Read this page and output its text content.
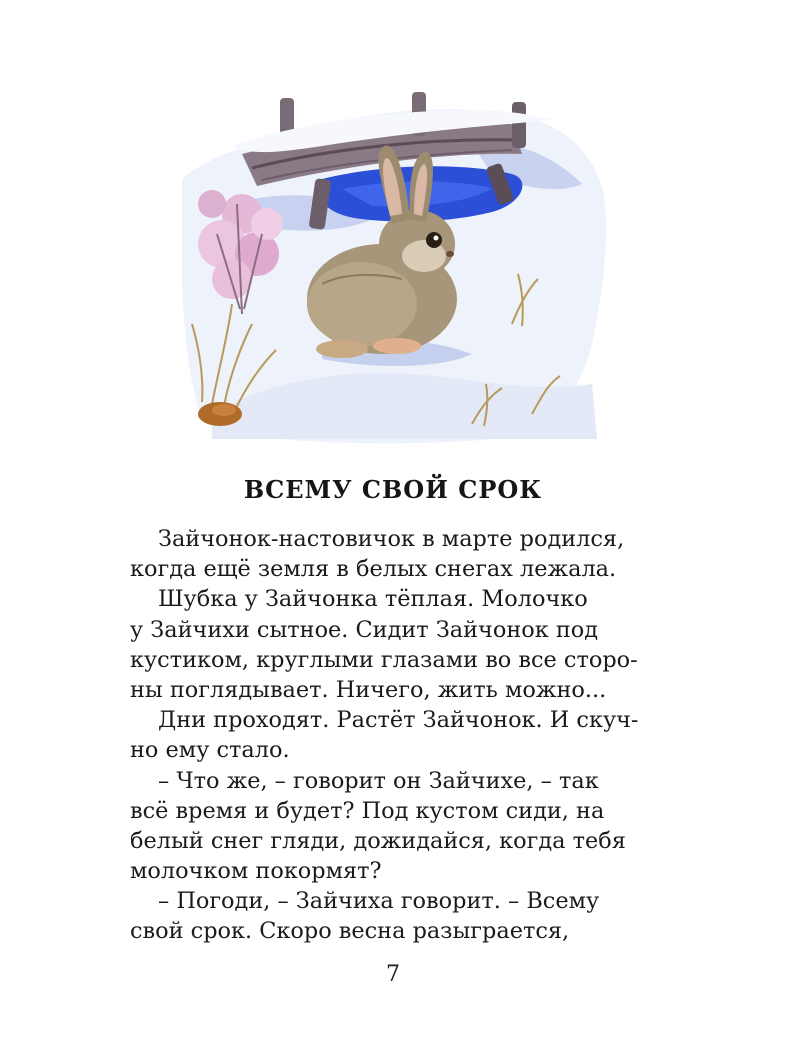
ВСЕМУ СВОЙ СРОК
Зайчонок-настовичок в марте родился,
когда ещё земля в белых снегах лежала.
Шубка у Зайчонка тёплая. Молочко
у Зайчихи сытное. Сидит Зайчонок под
кустиком, круглыми глазами во все сторо-
ны поглядывает. Ничего, жить можно...
Дни проходят. Растёт Зайчонок. И скуч-
но ему стало.
– Что же, – говорит он Зайчихе, – так
всё время и будет? Под кустом сиди, на
белый снег гляди, дожидайся, когда тебя
молочком покормят?
– Погоди, – Зайчиха говорит. – Всему
свой срок. Скоро весна разыграется,
7
